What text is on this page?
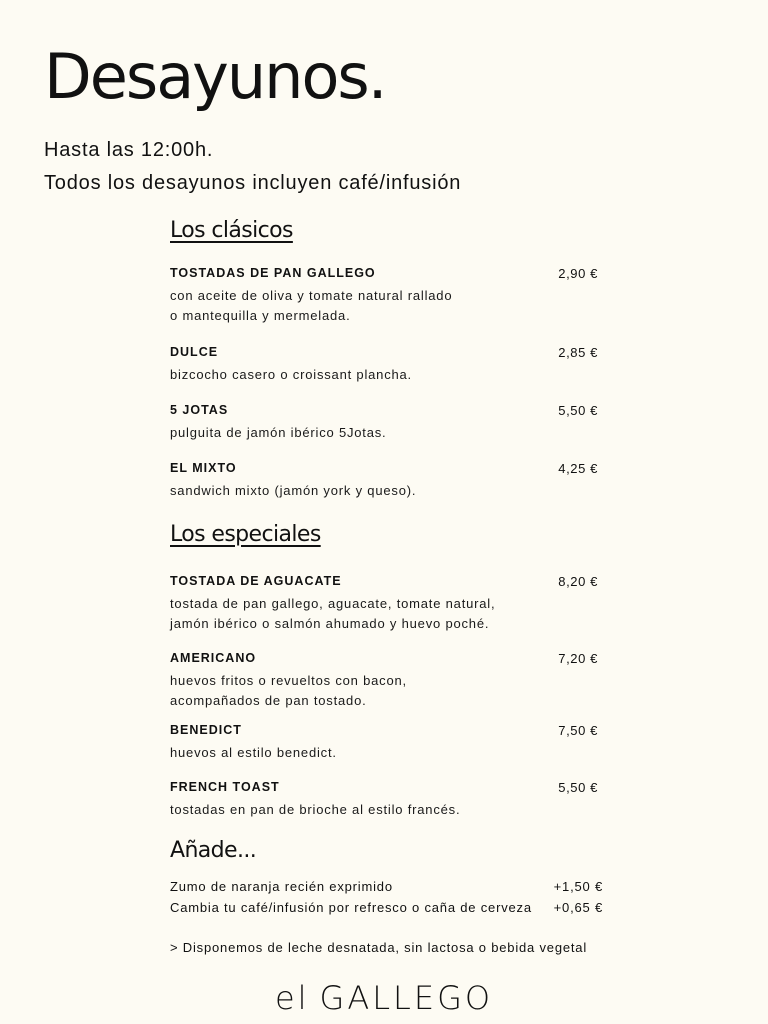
Desayunos.
Hasta las 12:00h.
Todos los desayunos incluyen café/infusión
Los clásicos
TOSTADAS DE PAN GALLEGO	2,90 €
con aceite de oliva y tomate natural rallado
o mantequilla y mermelada.
DULCE	2,85 €
bizcocho casero o croissant plancha.
5 JOTAS	5,50 €
pulguita de jamón ibérico 5Jotas.
EL MIXTO	4,25 €
sandwich mixto (jamón york y queso).
Los especiales
TOSTADA DE AGUACATE	8,20 €
tostada de pan gallego, aguacate, tomate natural,
jamón ibérico o salmón ahumado y huevo poché.
AMERICANO	7,20 €
huevos fritos o revueltos con bacon,
acompañados de pan tostado.
BENEDICT	7,50 €
huevos al estilo benedict.
FRENCH TOAST	5,50 €
tostadas en pan de brioche al estilo francés.
Añade...
Zumo de naranja recién exprimido	+1,50 €
Cambia tu café/infusión por refresco o caña de cerveza +0,65 €
> Disponemos de leche desnatada, sin lactosa o bebida vegetal
el GALLEGO
